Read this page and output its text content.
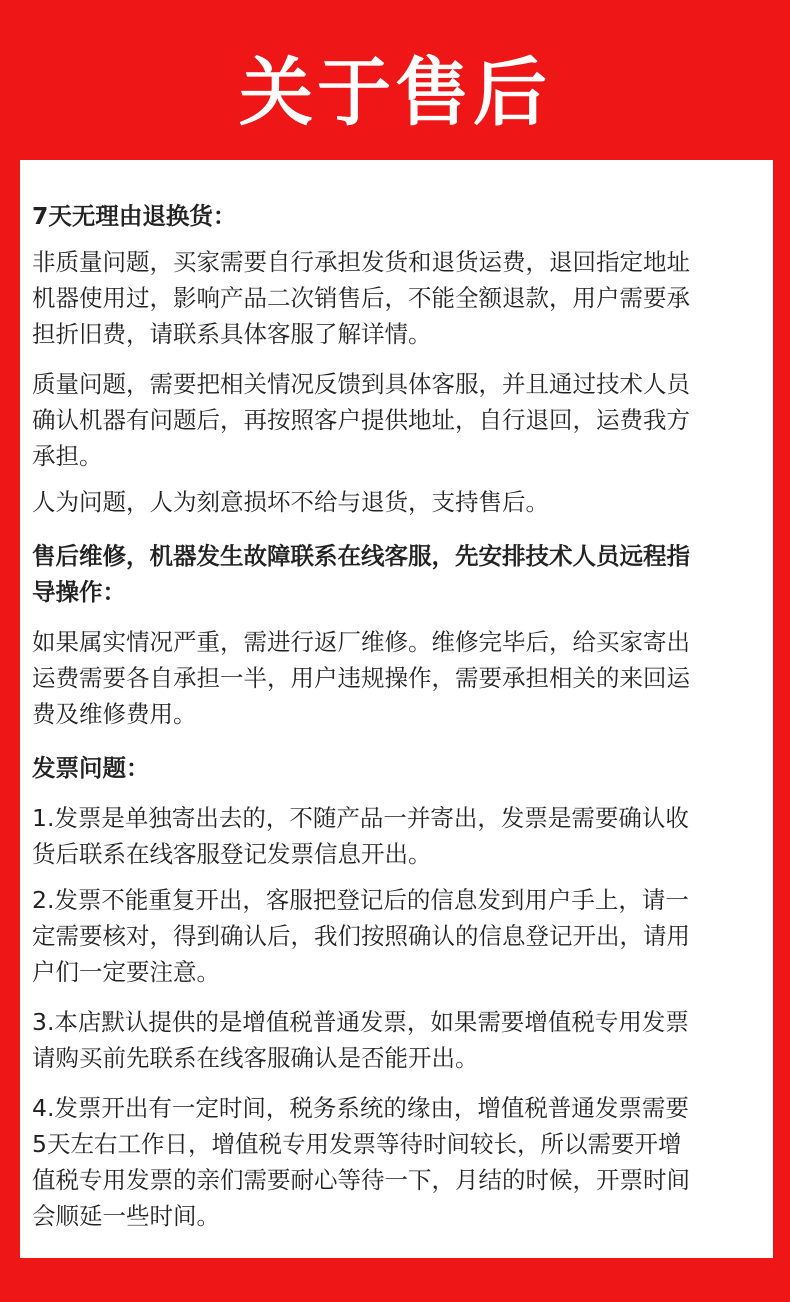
关于售后
7天无理由退换货：
非质量问题，买家需要自行承担发货和退货运费，退回指定地址
机器使用过，影响产品二次销售后，不能全额退款，用户需要承
担折旧费，请联系具体客服了解详情。
质量问题，需要把相关情况反馈到具体客服，并且通过技术人员
确认机器有问题后，再按照客户提供地址，自行退回，运费我方
承担。
人为问题，人为刻意损坏不给与退货，支持售后。
售后维修，机器发生故障联系在线客服，先安排技术人员远程指
导操作：
如果属实情况严重，需进行返厂维修。维修完毕后，给买家寄出
运费需要各自承担一半，用户违规操作，需要承担相关的来回运
费及维修费用。
发票问题：
1.发票是单独寄出去的，不随产品一并寄出，发票是需要确认收
货后联系在线客服登记发票信息开出。
2.发票不能重复开出，客服把登记后的信息发到用户手上，请一
定需要核对，得到确认后，我们按照确认的信息登记开出，请用
户们一定要注意。
3.本店默认提供的是增值税普通发票，如果需要增值税专用发票
请购买前先联系在线客服确认是否能开出。
4.发票开出有一定时间，税务系统的缘由，增值税普通发票需要
5天左右工作日，增值税专用发票等待时间较长，所以需要开增
值税专用发票的亲们需要耐心等待一下，月结的时候，开票时间
会顺延一些时间。
